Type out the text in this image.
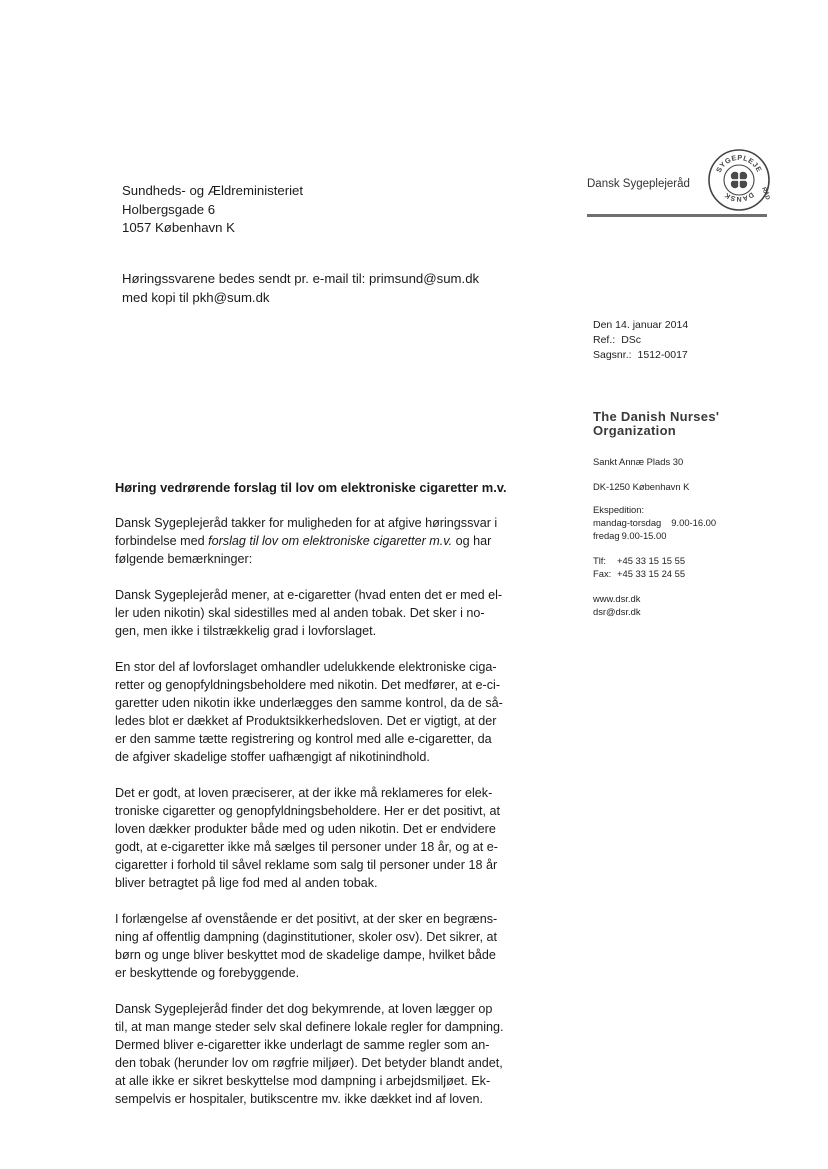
Sundheds- og Ældreministeriet
Holbergsgade 6
1057 København K
Høringssvarene bedes sendt pr. e-mail til: primsund@sum.dk
med kopi til pkh@sum.dk
Dansk Sygeplejeråd
SYGEPLEJE
DANSK	RÅD
Den 14. januar 2014
Ref.: DSc
Sagsnr.: 1512-0017
The Danish Nurses'
Organization
Sankt Annæ Plads 30
DK-1250 København K
Ekspedition:
mandag-torsdag 9.00-16.00
fredag 9.00-15.00
Tlf: +45 33 15 15 55
Fax: +45 33 15 24 55
www.dsr.dk
dsr@dsr.dk
Høring vedrørende forslag til lov om elektroniske cigaretter m.v.
Dansk Sygeplejeråd takker for muligheden for at afgive høringssvar i
forbindelse med forslag til lov om elektroniske cigaretter m.v. og har
følgende bemærkninger:
Dansk Sygeplejeråd mener, at e-cigaretter (hvad enten det er med el-
ler uden nikotin) skal sidestilles med al anden tobak. Det sker i no-
gen, men ikke i tilstrækkelig grad i lovforslaget.
En stor del af lovforslaget omhandler udelukkende elektroniske ciga-
retter og genopfyldningsbeholdere med nikotin. Det medfører, at e-ci-
garetter uden nikotin ikke underlægges den samme kontrol, da de så-
ledes blot er dækket af Produktsikkerhedsloven. Det er vigtigt, at der
er den samme tætte registrering og kontrol med alle e-cigaretter, da
de afgiver skadelige stoffer uafhængigt af nikotinindhold.
Det er godt, at loven præciserer, at der ikke må reklameres for elek-
troniske cigaretter og genopfyldningsbeholdere. Her er det positivt, at
loven dækker produkter både med og uden nikotin. Det er endvidere
godt, at e-cigaretter ikke må sælges til personer under 18 år, og at e-
cigaretter i forhold til såvel reklame som salg til personer under 18 år
bliver betragtet på lige fod med al anden tobak.
I forlængelse af ovenstående er det positivt, at der sker en begræns-
ning af offentlig dampning (daginstitutioner, skoler osv). Det sikrer, at
børn og unge bliver beskyttet mod de skadelige dampe, hvilket både
er beskyttende og forebyggende.
Dansk Sygeplejeråd finder det dog bekymrende, at loven lægger op
til, at man mange steder selv skal definere lokale regler for dampning.
Dermed bliver e-cigaretter ikke underlagt de samme regler som an-
den tobak (herunder lov om røgfrie miljøer). Det betyder blandt andet,
at alle ikke er sikret beskyttelse mod dampning i arbejdsmiljøet. Ek-
sempelvis er hospitaler, butikscentre mv. ikke dækket ind af loven.
